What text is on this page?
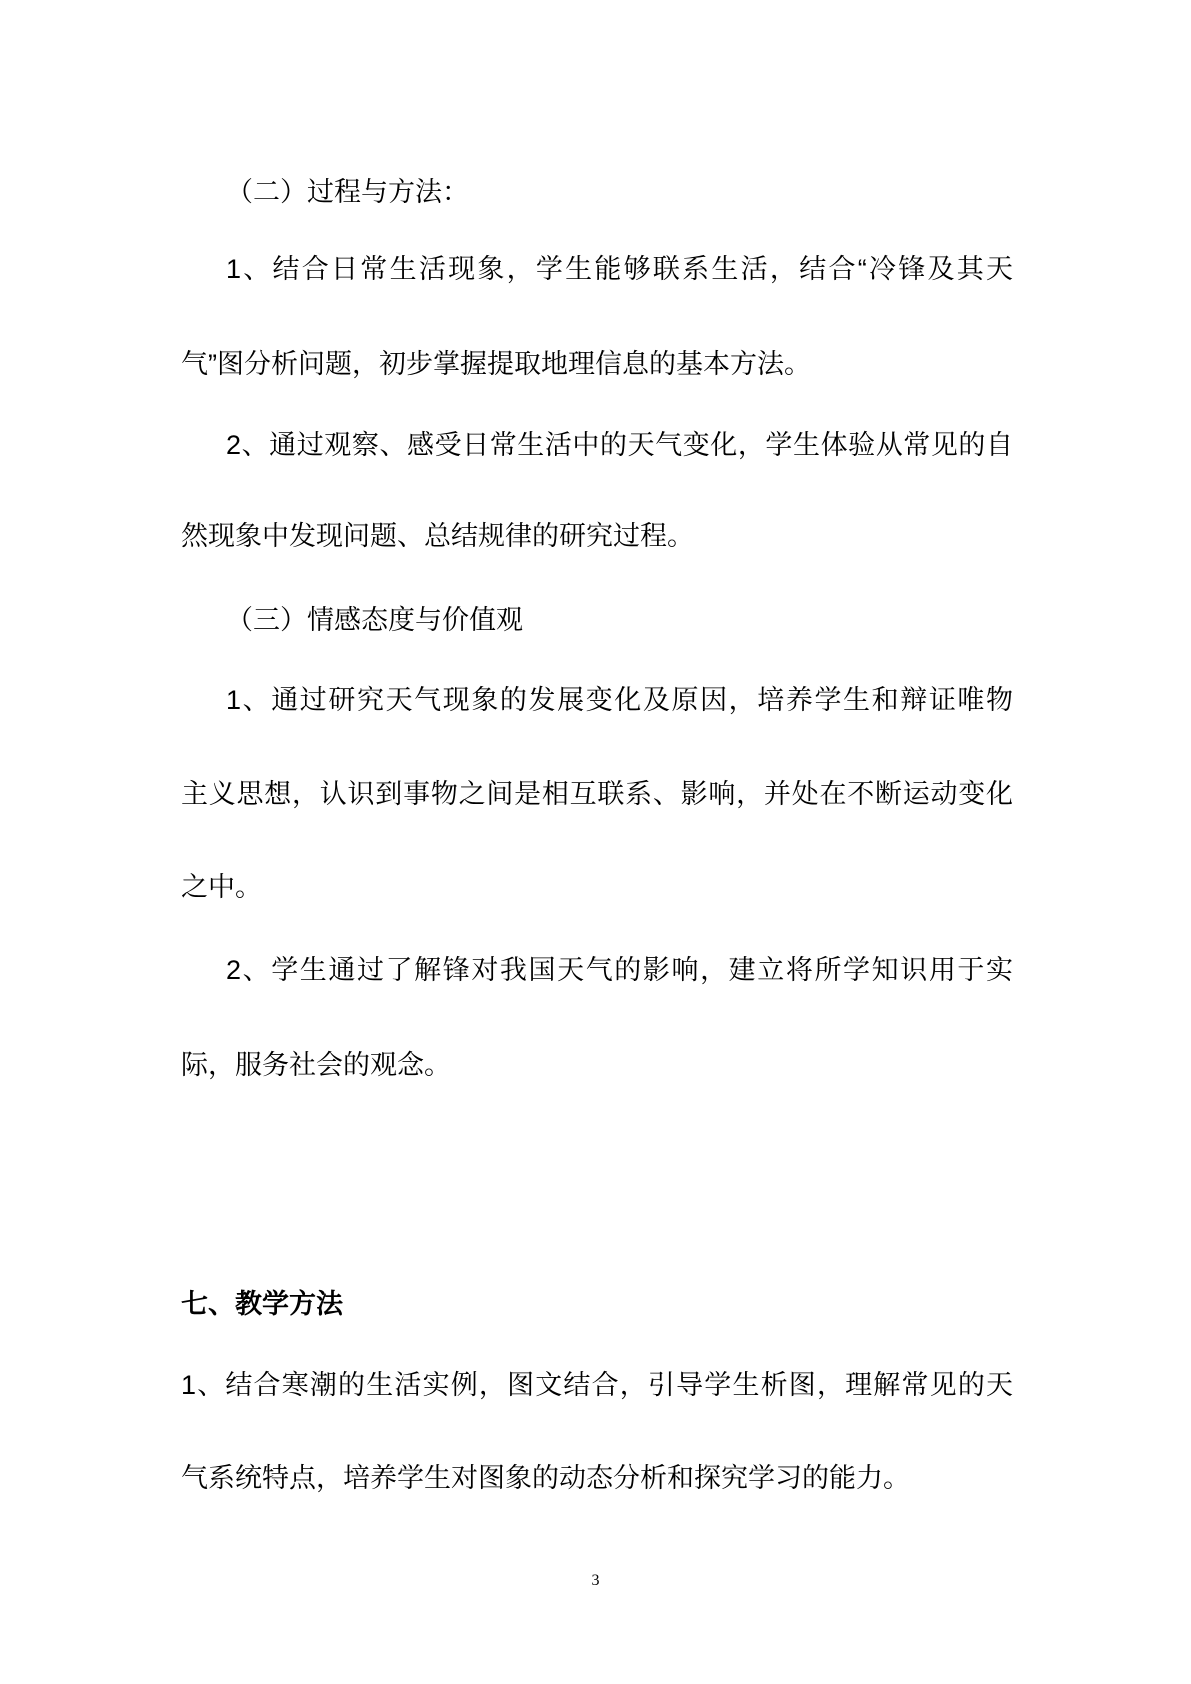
（二）过程与方法：
1、结合日常生活现象，学生能够联系生活，结合“冷锋及其天
气”图分析问题，初步掌握提取地理信息的基本方法。
2、通过观察、感受日常生活中的天气变化，学生体验从常见的自
然现象中发现问题、总结规律的研究过程。
（三）情感态度与价值观
1、通过研究天气现象的发展变化及原因，培养学生和辩证唯物
主义思想，认识到事物之间是相互联系、影响，并处在不断运动变化
之中。
2、学生通过了解锋对我国天气的影响，建立将所学知识用于实
际，服务社会的观念。
七、教学方法
1、结合寒潮的生活实例，图文结合，引导学生析图，理解常见的天
气系统特点，培养学生对图象的动态分析和探究学习的能力。
3
